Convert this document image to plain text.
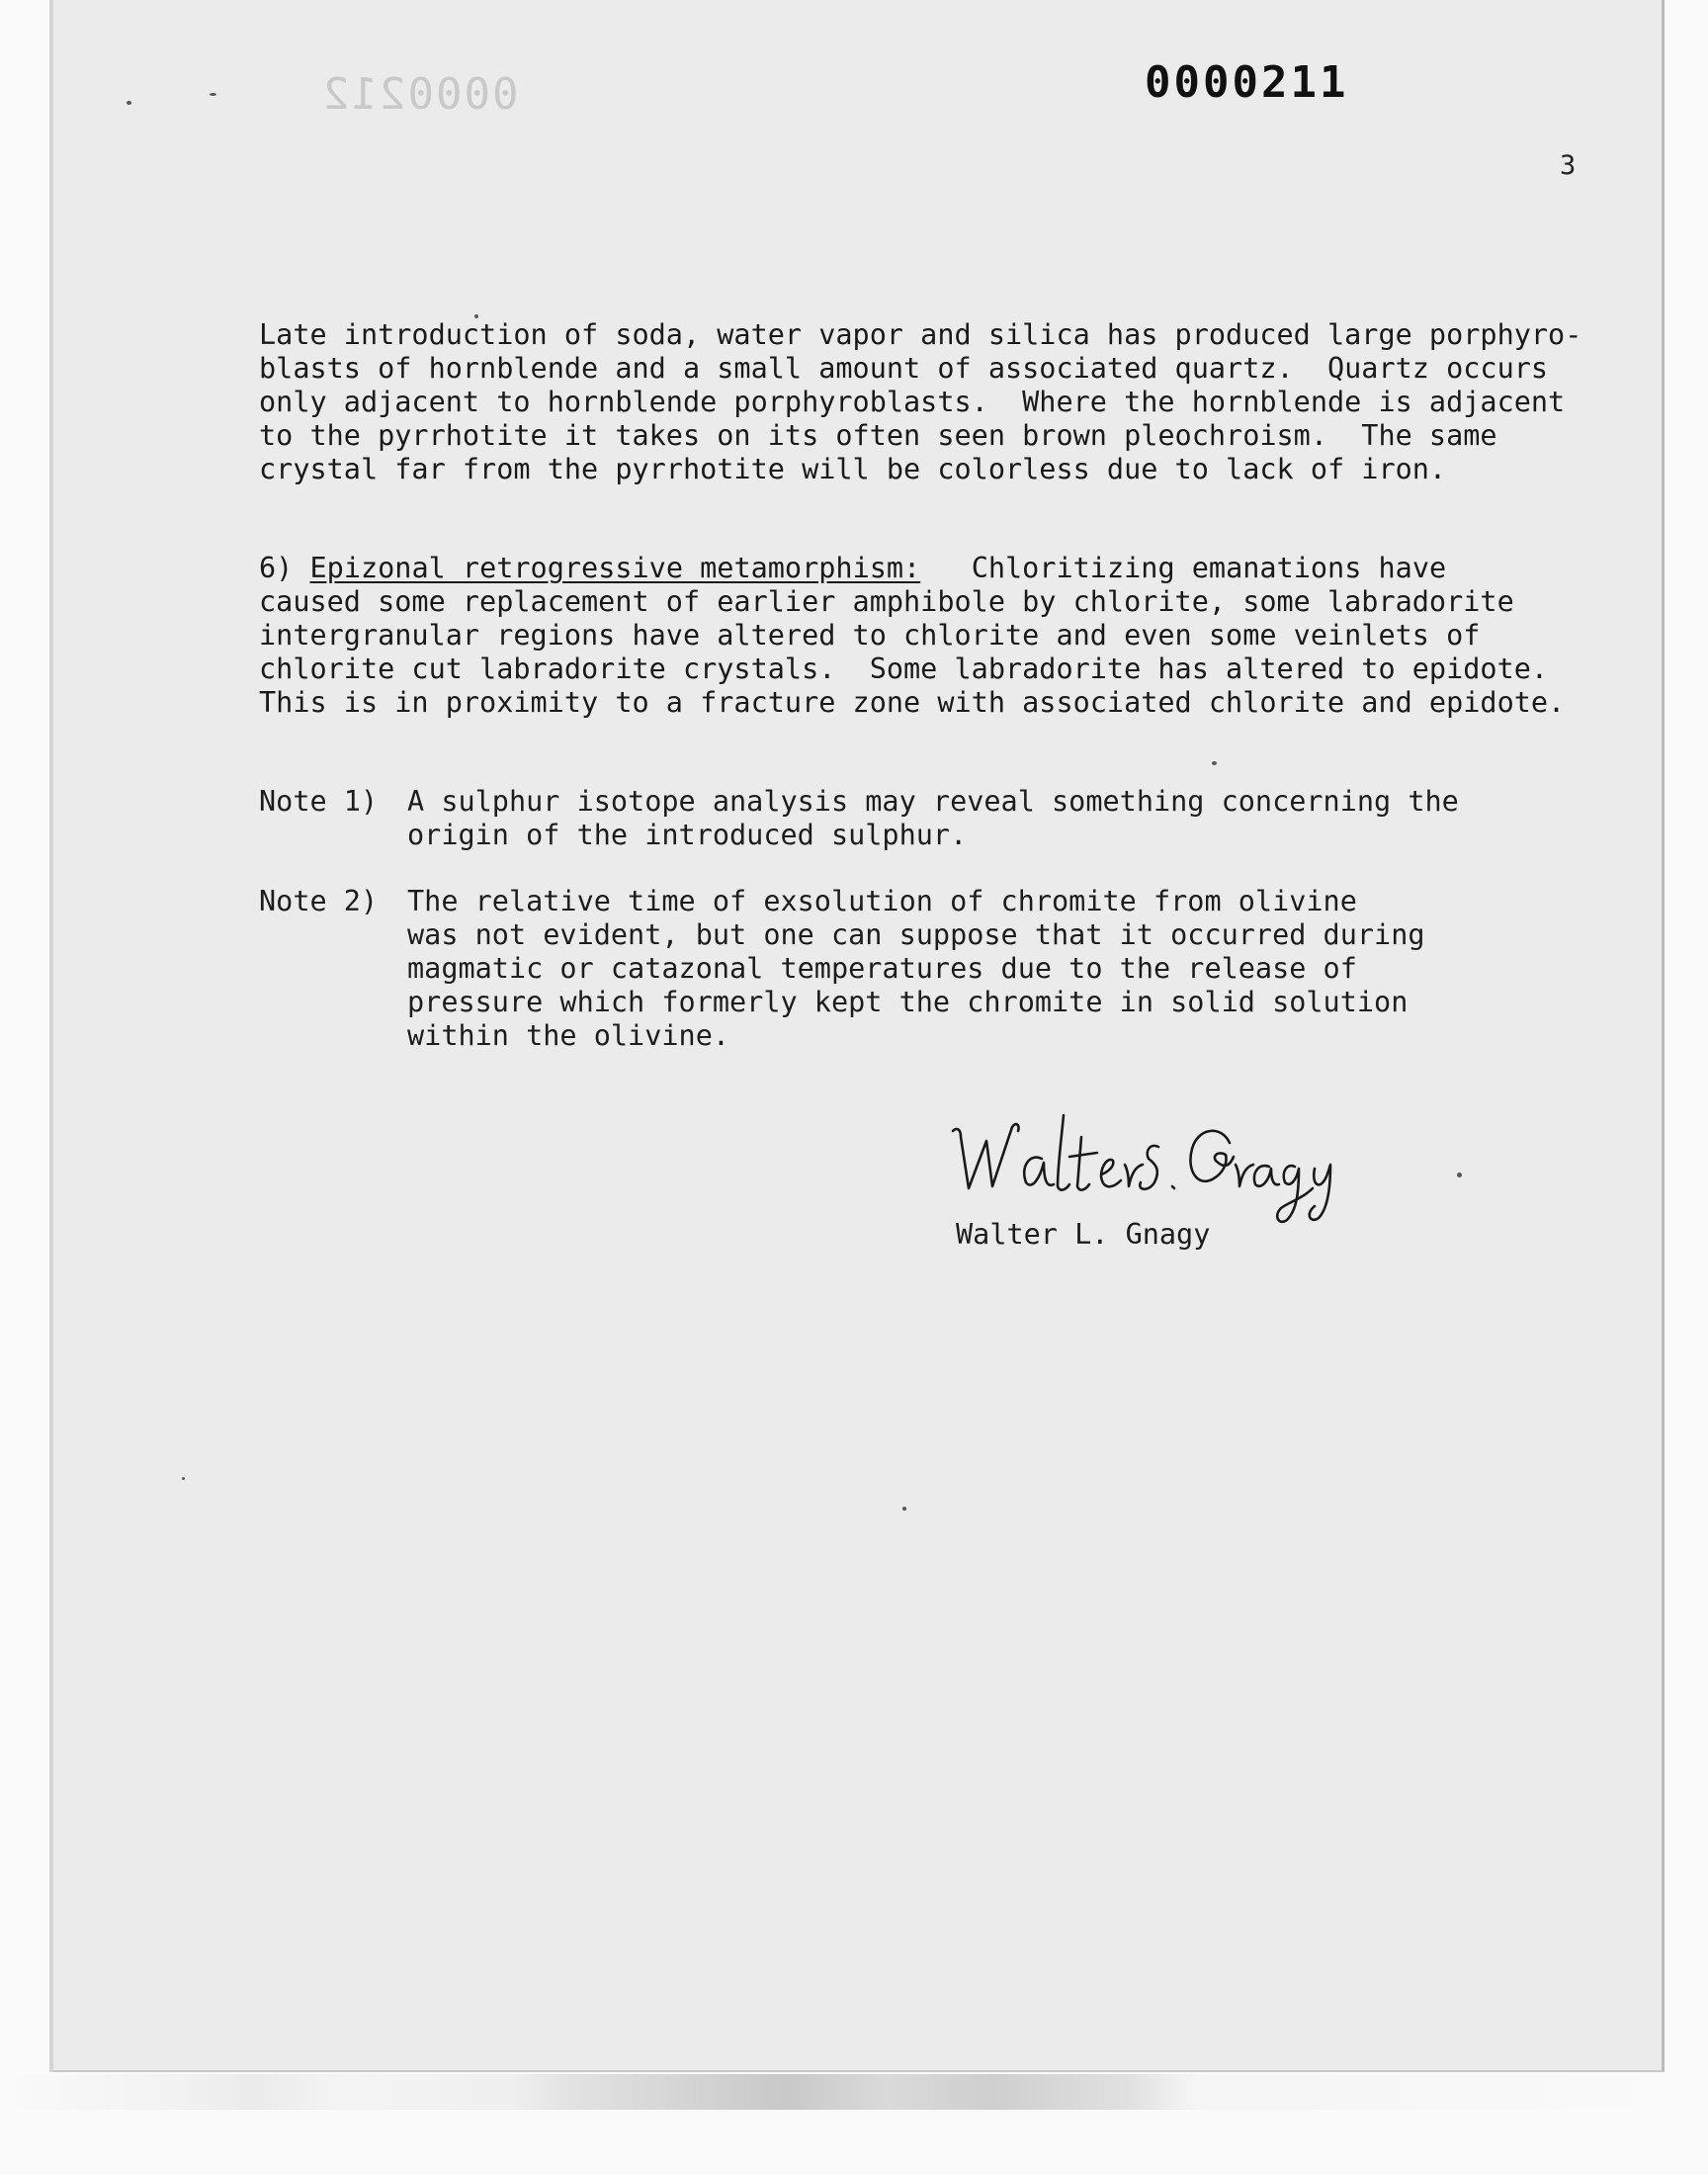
0000212	0000211
3
Late introduction of soda, water vapor and silica has produced large porphyro-
blasts of hornblende and a small amount of associated quartz.  Quartz occurs
only adjacent to hornblende porphyroblasts.  Where the hornblende is adjacent
to the pyrrhotite it takes on its often seen brown pleochroism.  The same
crystal far from the pyrrhotite will be colorless due to lack of iron.
6) Epizonal retrogressive metamorphism: Chloritizing emanations have
caused some replacement of earlier amphibole by chlorite, some labradorite
intergranular regions have altered to chlorite and even some veinlets of
chlorite cut labradorite crystals.  Some labradorite has altered to epidote.
This is in proximity to a fracture zone with associated chlorite and epidote.
Note 1) A sulphur isotope analysis may reveal something concerning the
origin of the introduced sulphur.
Note 2) The relative time of exsolution of chromite from olivine
was not evident, but one can suppose that it occurred during
magmatic or catazonal temperatures due to the release of
pressure which formerly kept the chromite in solid solution
within the olivine.
Walter L. Gnagy
